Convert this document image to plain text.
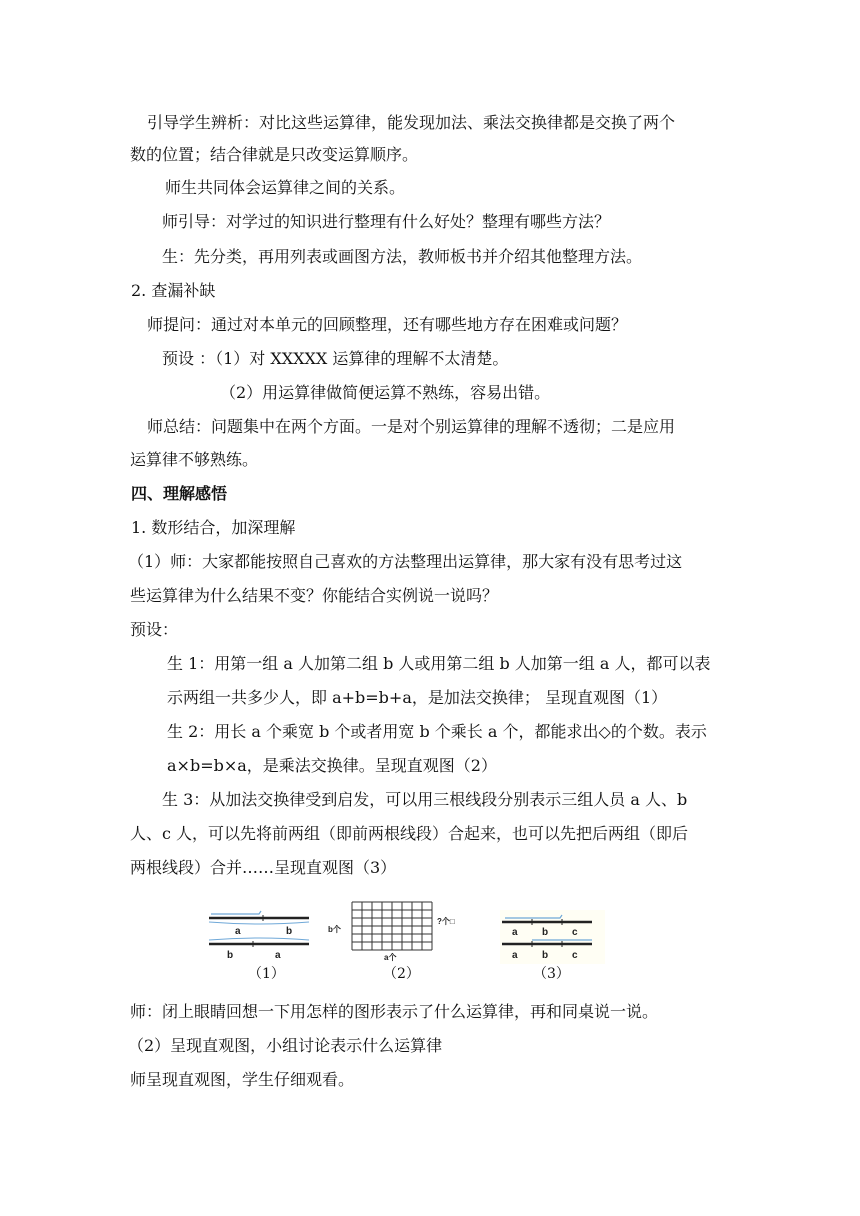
引导学生辨析：对比这些运算律，能发现加法、乘法交换律都是交换了两个
数的位置；结合律就是只改变运算顺序。
师生共同体会运算律之间的关系。
师引导：对学过的知识进行整理有什么好处？整理有哪些方法？
生：先分类，再用列表或画图方法，教师板书并介绍其他整理方法。
2. 查漏补缺
师提问：通过对本单元的回顾整理，还有哪些地方存在困难或问题？
预设 ：（1）对 XXXXX 运算律的理解不太清楚。
（2）用运算律做简便运算不熟练，容易出错。
师总结：问题集中在两个方面。一是对个别运算律的理解不透彻；二是应用
运算律不够熟练。
四、理解感悟
1. 数形结合，加深理解
（1）师：大家都能按照自己喜欢的方法整理出运算律，那大家有没有思考过这
些运算律为什么结果不变？你能结合实例说一说吗？
预设：
生 1：用第一组 a 人加第二组 b 人或用第二组 b 人加第一组 a 人，都可以表
示两组一共多少人，即 a+b=b+a，是加法交换律； 呈现直观图（1）
生 2：用长 a 个乘宽 b 个或者用宽 b 个乘长 a 个，都能求出◇的个数。表示
a×b=b×a，是乘法交换律。呈现直观图（2）
生 3：从加法交换律受到启发，可以用三根线段分别表示三组人员 a 人、b
人、c 人，可以先将前两组（即前两根线段）合起来，也可以先把后两组（即后
两根线段）合并……呈现直观图（3）
a	b
b	a
（1）
b个
?个□
a个
（2）
a b c
a b c
（3）
师：闭上眼睛回想一下用怎样的图形表示了什么运算律，再和同桌说一说。
（2）呈现直观图，小组讨论表示什么运算律
师呈现直观图，学生仔细观看。
